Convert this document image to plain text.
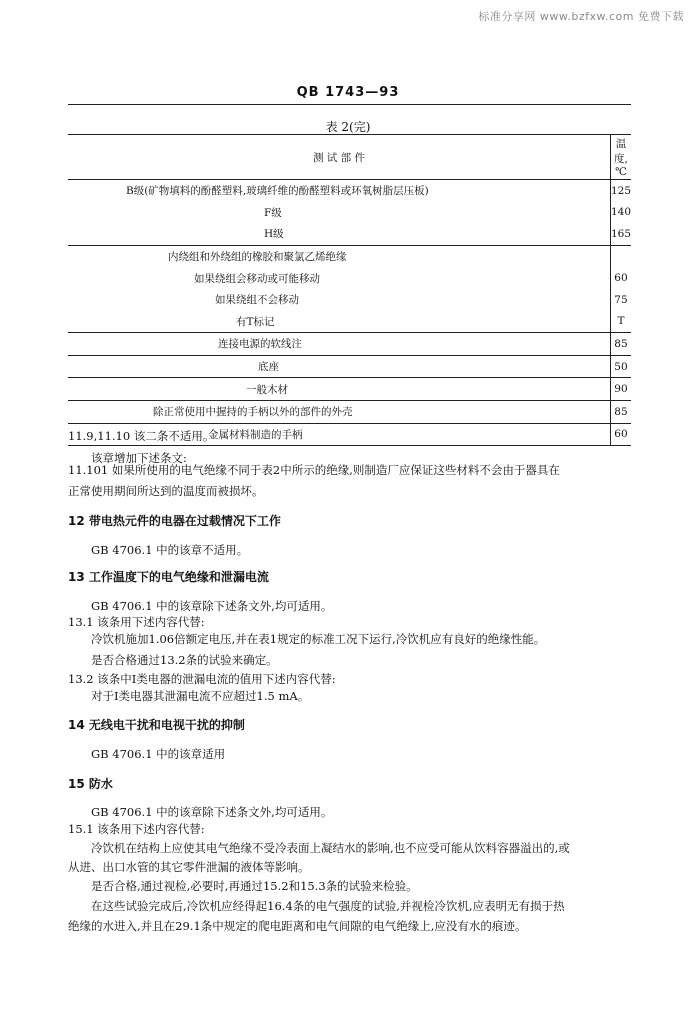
标准分享网 www.bzfxw.com 免费下载
QB 1743—93
表 2(完)
测 试 部 件	温 度,℃
B级(矿物填料的酚醛塑料,玻璃纤维的酚醛塑料或环氧树脂层压板)	125
F级	140
H级	165
内绕组和外绕组的橡胶和聚氯乙烯绝缘	
如果绕组会移动或可能移动	60
如果绕组不会移动	75
有T标记	T
连接电源的软线注	85
底座	50
一般木材	90
除正常使用中握持的手柄以外的部件的外壳	85
金属材料制造的手柄	60
11.9,11.10 该二条不适用。
该章增加下述条文:
11.101 如果所使用的电气绝缘不同于表2中所示的绝缘,则制造厂应保证这些材料不会由于器具在
正常使用期间所达到的温度而被损坏。
12 带电热元件的电器在过载情况下工作
GB 4706.1 中的该章不适用。
13 工作温度下的电气绝缘和泄漏电流
GB 4706.1 中的该章除下述条文外,均可适用。
13.1 该条用下述内容代替:
冷饮机施加1.06倍额定电压,并在表1规定的标准工况下运行,冷饮机应有良好的绝缘性能。
是否合格通过13.2条的试验来确定。
13.2 该条中Ⅰ类电器的泄漏电流的值用下述内容代替:
对于Ⅰ类电器其泄漏电流不应超过1.5 mA。
14 无线电干扰和电视干扰的抑制
GB 4706.1 中的该章适用
15 防水
GB 4706.1 中的该章除下述条文外,均可适用。
15.1 该条用下述内容代替:
冷饮机在结构上应使其电气绝缘不受冷表面上凝结水的影响,也不应受可能从饮料容器溢出的,或
从进、出口水管的其它零件泄漏的液体等影响。
是否合格,通过视检,必要时,再通过15.2和15.3条的试验来检验。
在这些试验完成后,冷饮机应经得起16.4条的电气强度的试验,并视检冷饮机,应表明无有损于热
绝缘的水进入,并且在29.1条中规定的爬电距离和电气间隙的电气绝缘上,应没有水的痕迹。
